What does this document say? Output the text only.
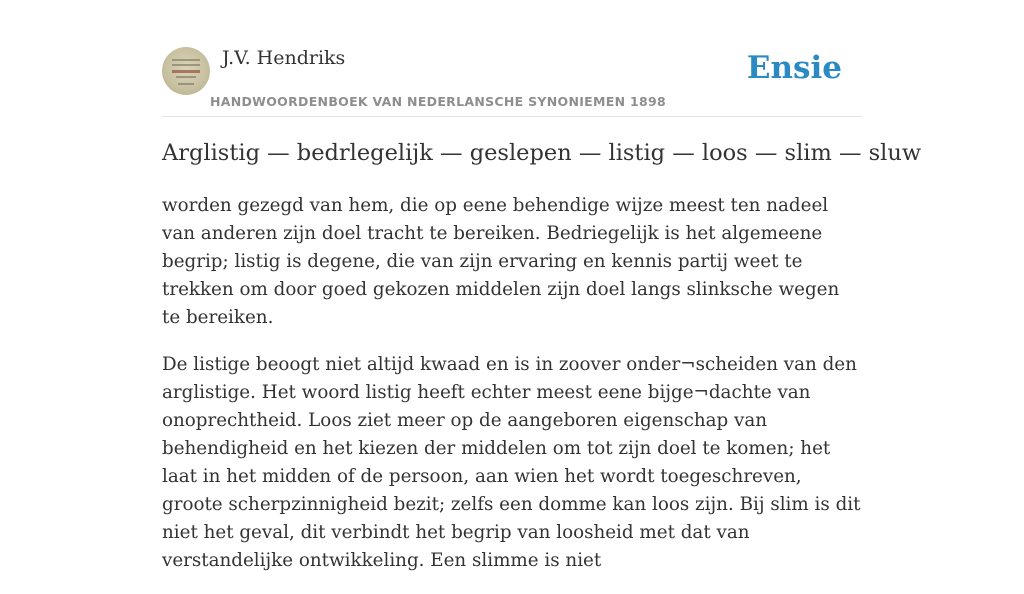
J.V. Hendriks
HANDWOORDENBOEK VAN NEDERLANSCHE SYNONIEMEN 1898
Ensie
Arglistig — bedrlegelijk — geslepen — listig — loos — slim — sluw

worden gezegd van hem, die op eene behendige wijze meest ten nadeel van anderen zijn doel tracht te bereiken. Bedriegelijk is het algemeene begrip; listig is degene, die van zijn ervaring en kennis partij weet te trekken om door goed gekozen middelen zijn doel langs slinksche wegen te bereiken.

De listige beoogt niet altijd kwaad en is in zoover onder¬scheiden van den arglistige. Het woord listig heeft echter meest eene bijge¬dachte van onoprechtheid. Loos ziet meer op de aangeboren eigenschap van behendigheid en het kiezen der middelen om tot zijn doel te komen; het laat in het midden of de persoon, aan wien het wordt toegeschreven, groote scherpzinnigheid bezit; zelfs een domme kan loos zijn. Bij slim is dit niet het geval, dit verbindt het begrip van loosheid met dat van verstandelijke ontwikkeling. Een slimme is niet
